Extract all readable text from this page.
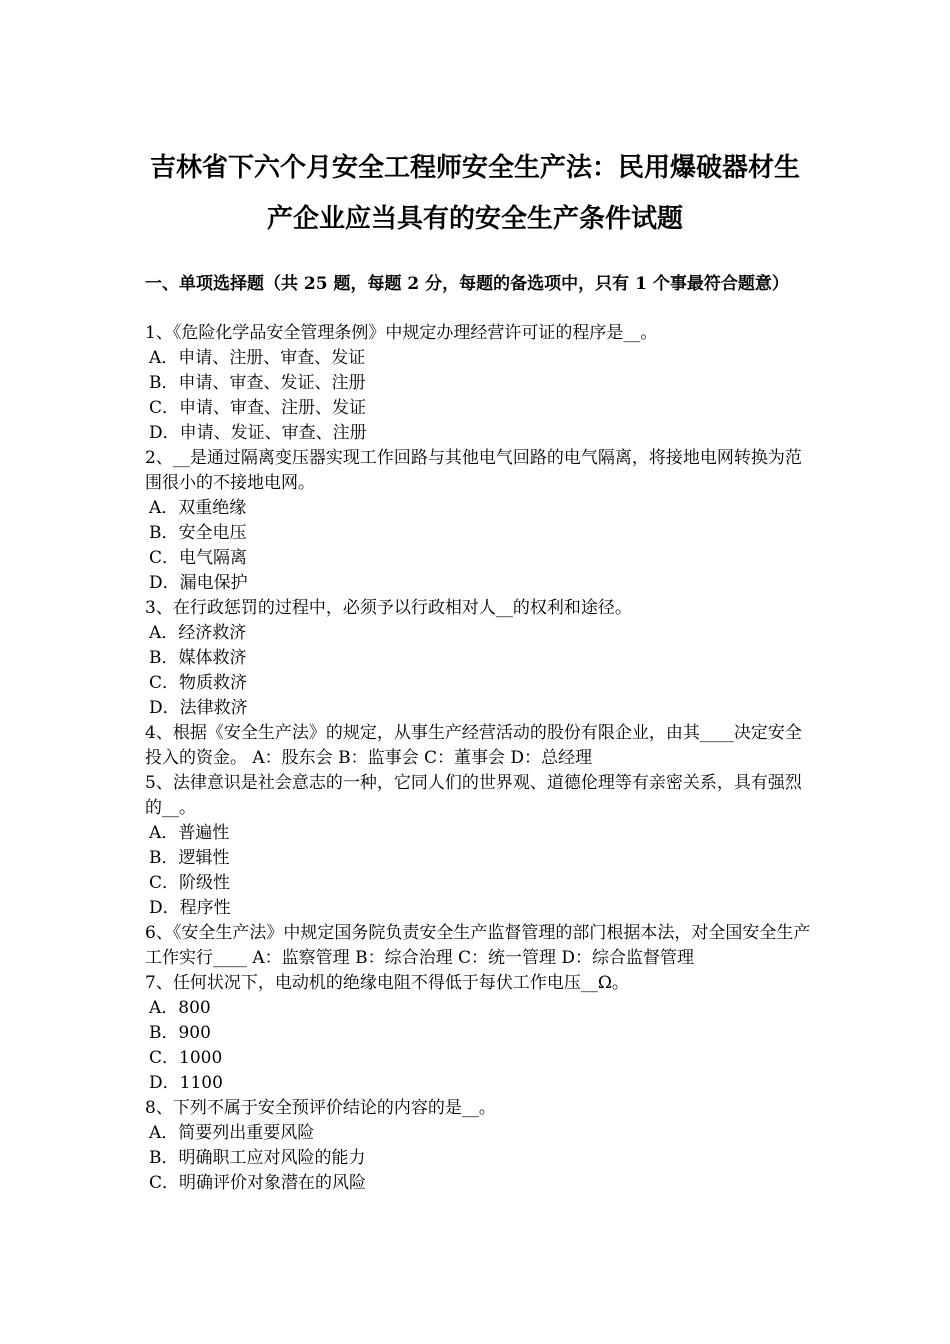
吉林省下六个月安全工程师安全生产法：民用爆破器材生
产企业应当具有的安全生产条件试题
一、单项选择题（共 25 题，每题 2 分，每题的备选项中，只有 1 个事最符合题意）
1、《危险化学品安全管理条例》中规定办理经营许可证的程序是__。
A．申请、注册、审查、发证
B．申请、审查、发证、注册
C．申请、审查、注册、发证
D．申请、发证、审查、注册
2、__是通过隔离变压器实现工作回路与其他电气回路的电气隔离，将接地电网转换为范围很小的不接地电网。
A．双重绝缘
B．安全电压
C．电气隔离
D．漏电保护
3、在行政惩罚的过程中，必须予以行政相对人__的权利和途径。
A．经济救济
B．媒体救济
C．物质救济
D．法律救济
4、根据《安全生产法》的规定，从事生产经营活动的股份有限企业，由其____决定安全投入的资金。 A：股东会 B：监事会 C：董事会 D：总经理
5、法律意识是社会意志的一种，它同人们的世界观、道德伦理等有亲密关系，具有强烈的__。
A．普遍性
B．逻辑性
C．阶级性
D．程序性
6、《安全生产法》中规定国务院负责安全生产监督管理的部门根据本法，对全国安全生产工作实行____ A：监察管理 B：综合治理 C：统一管理 D：综合监督管理
7、任何状况下，电动机的绝缘电阻不得低于每伏工作电压__Ω。
A．800
B．900
C．1000
D．1100
8、下列不属于安全预评价结论的内容的是__。
A．简要列出重要风险
B．明确职工应对风险的能力
C．明确评价对象潜在的风险
